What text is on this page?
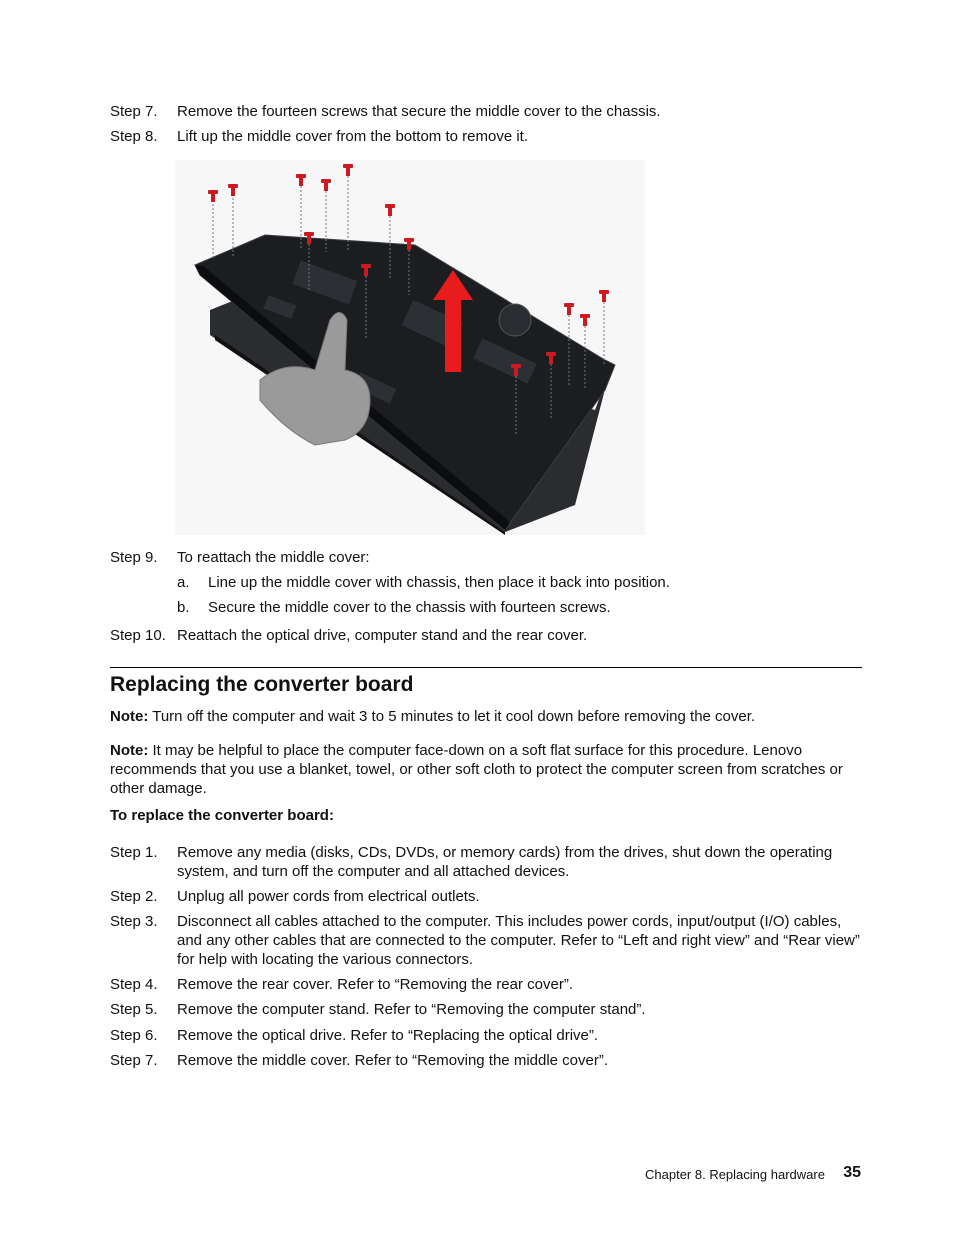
Step 7. Remove the fourteen screws that secure the middle cover to the chassis.
Step 8. Lift up the middle cover from the bottom to remove it.
Step 9. To reattach the middle cover:
a. Line up the middle cover with chassis, then place it back into position.
b. Secure the middle cover to the chassis with fourteen screws.
Step 10. Reattach the optical drive, computer stand and the rear cover.
Replacing the converter board
Note: Turn off the computer and wait 3 to 5 minutes to let it cool down before removing the cover.
Note: It may be helpful to place the computer face-down on a soft flat surface for this procedure. Lenovo recommends that you use a blanket, towel, or other soft cloth to protect the computer screen from scratches or other damage.
To replace the converter board:
Step 1. Remove any media (disks, CDs, DVDs, or memory cards) from the drives, shut down the operating system, and turn off the computer and all attached devices.
Step 2. Unplug all power cords from electrical outlets.
Step 3. Disconnect all cables attached to the computer. This includes power cords, input/output (I/O) cables, and any other cables that are connected to the computer. Refer to “Left and right view” and “Rear view” for help with locating the various connectors.
Step 4. Remove the rear cover. Refer to “Removing the rear cover”.
Step 5. Remove the computer stand. Refer to “Removing the computer stand”.
Step 6. Remove the optical drive. Refer to “Replacing the optical drive”.
Step 7. Remove the middle cover. Refer to “Removing the middle cover”.
Chapter 8. Replacing hardware 35
